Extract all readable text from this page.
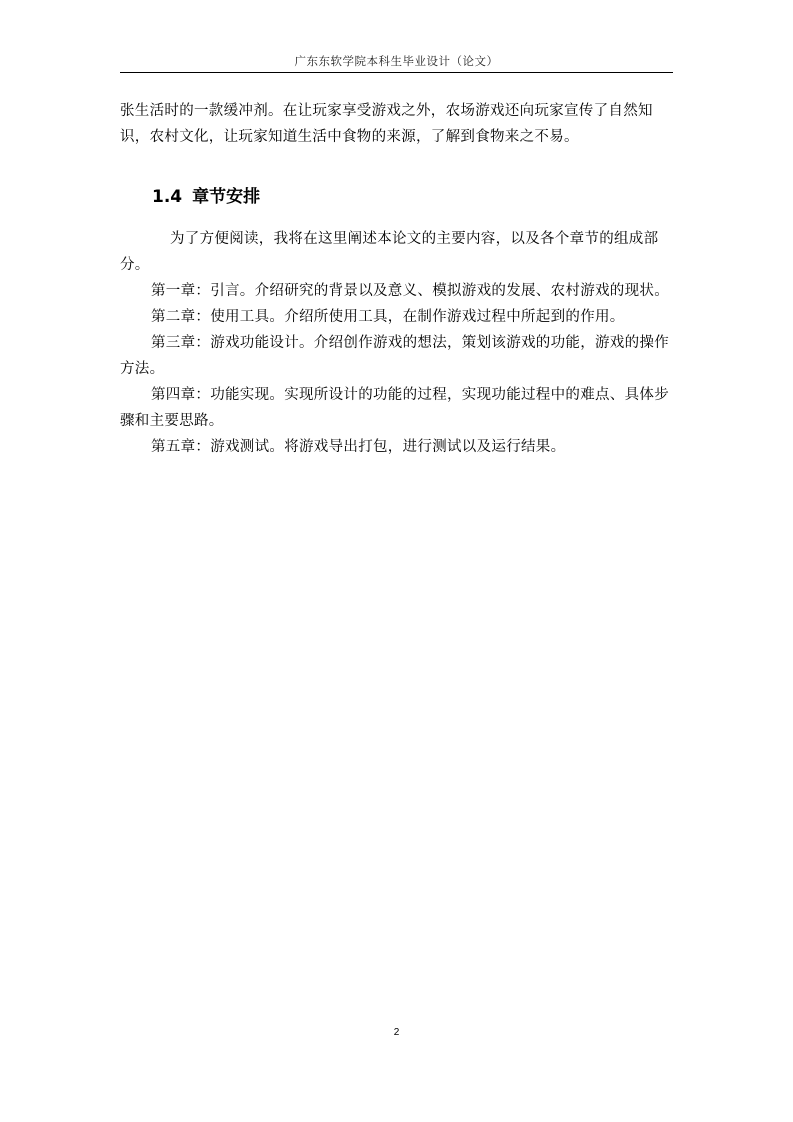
广东东软学院本科生毕业设计（论文）

张生活时的一款缓冲剂。在让玩家享受游戏之外，农场游戏还向玩家宣传了自然知识，农村文化，让玩家知道生活中食物的来源，了解到食物来之不易。

1.4 章节安排

为了方便阅读，我将在这里阐述本论文的主要内容，以及各个章节的组成部分。

第一章：引言。介绍研究的背景以及意义、模拟游戏的发展、农村游戏的现状。

第二章：使用工具。介绍所使用工具，在制作游戏过程中所起到的作用。

第三章：游戏功能设计。介绍创作游戏的想法，策划该游戏的功能，游戏的操作方法。

第四章：功能实现。实现所设计的功能的过程，实现功能过程中的难点、具体步骤和主要思路。

第五章：游戏测试。将游戏导出打包，进行测试以及运行结果。

2
